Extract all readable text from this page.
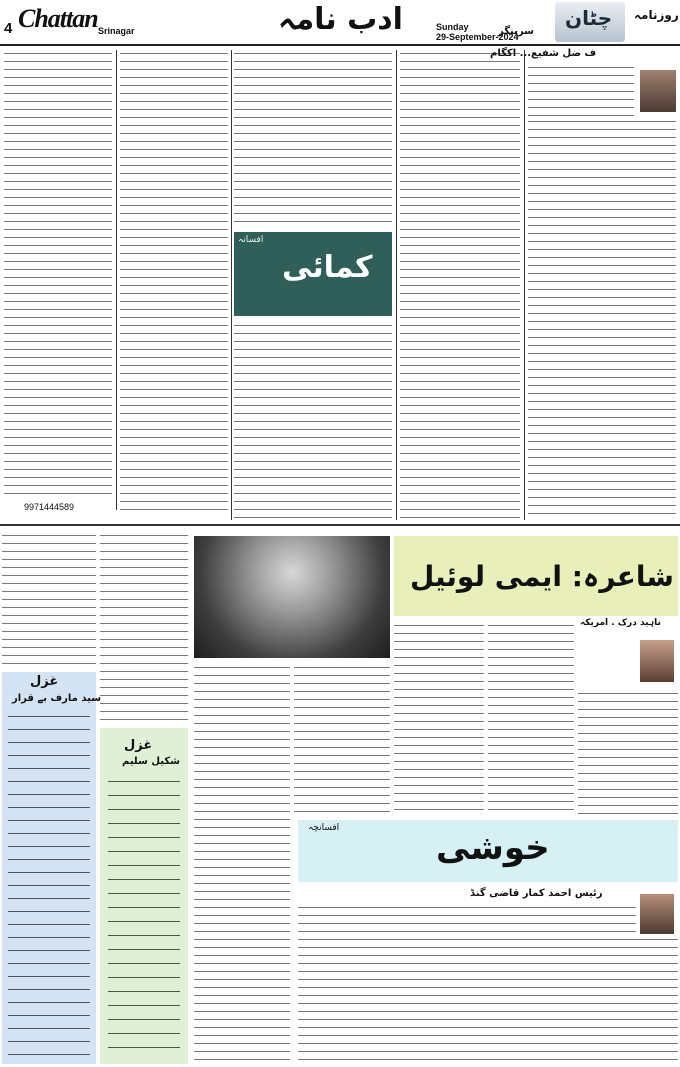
4 Chattan Srinagar	ادب نامہ	Sunday
29-September-2024
سرینگر
چٹان روزنامہ
ف ضل شفیع... اکگام
افسانہ
کمائی
9971444589
غزل
سید مارف بے قرار
غزل
شکیل سلیم
شاعرہ: ایمی لوئیل
ناہید درک . امریکہ
افسانچہ	خوشی
رئیس احمد کمار قاضی گنڈ
